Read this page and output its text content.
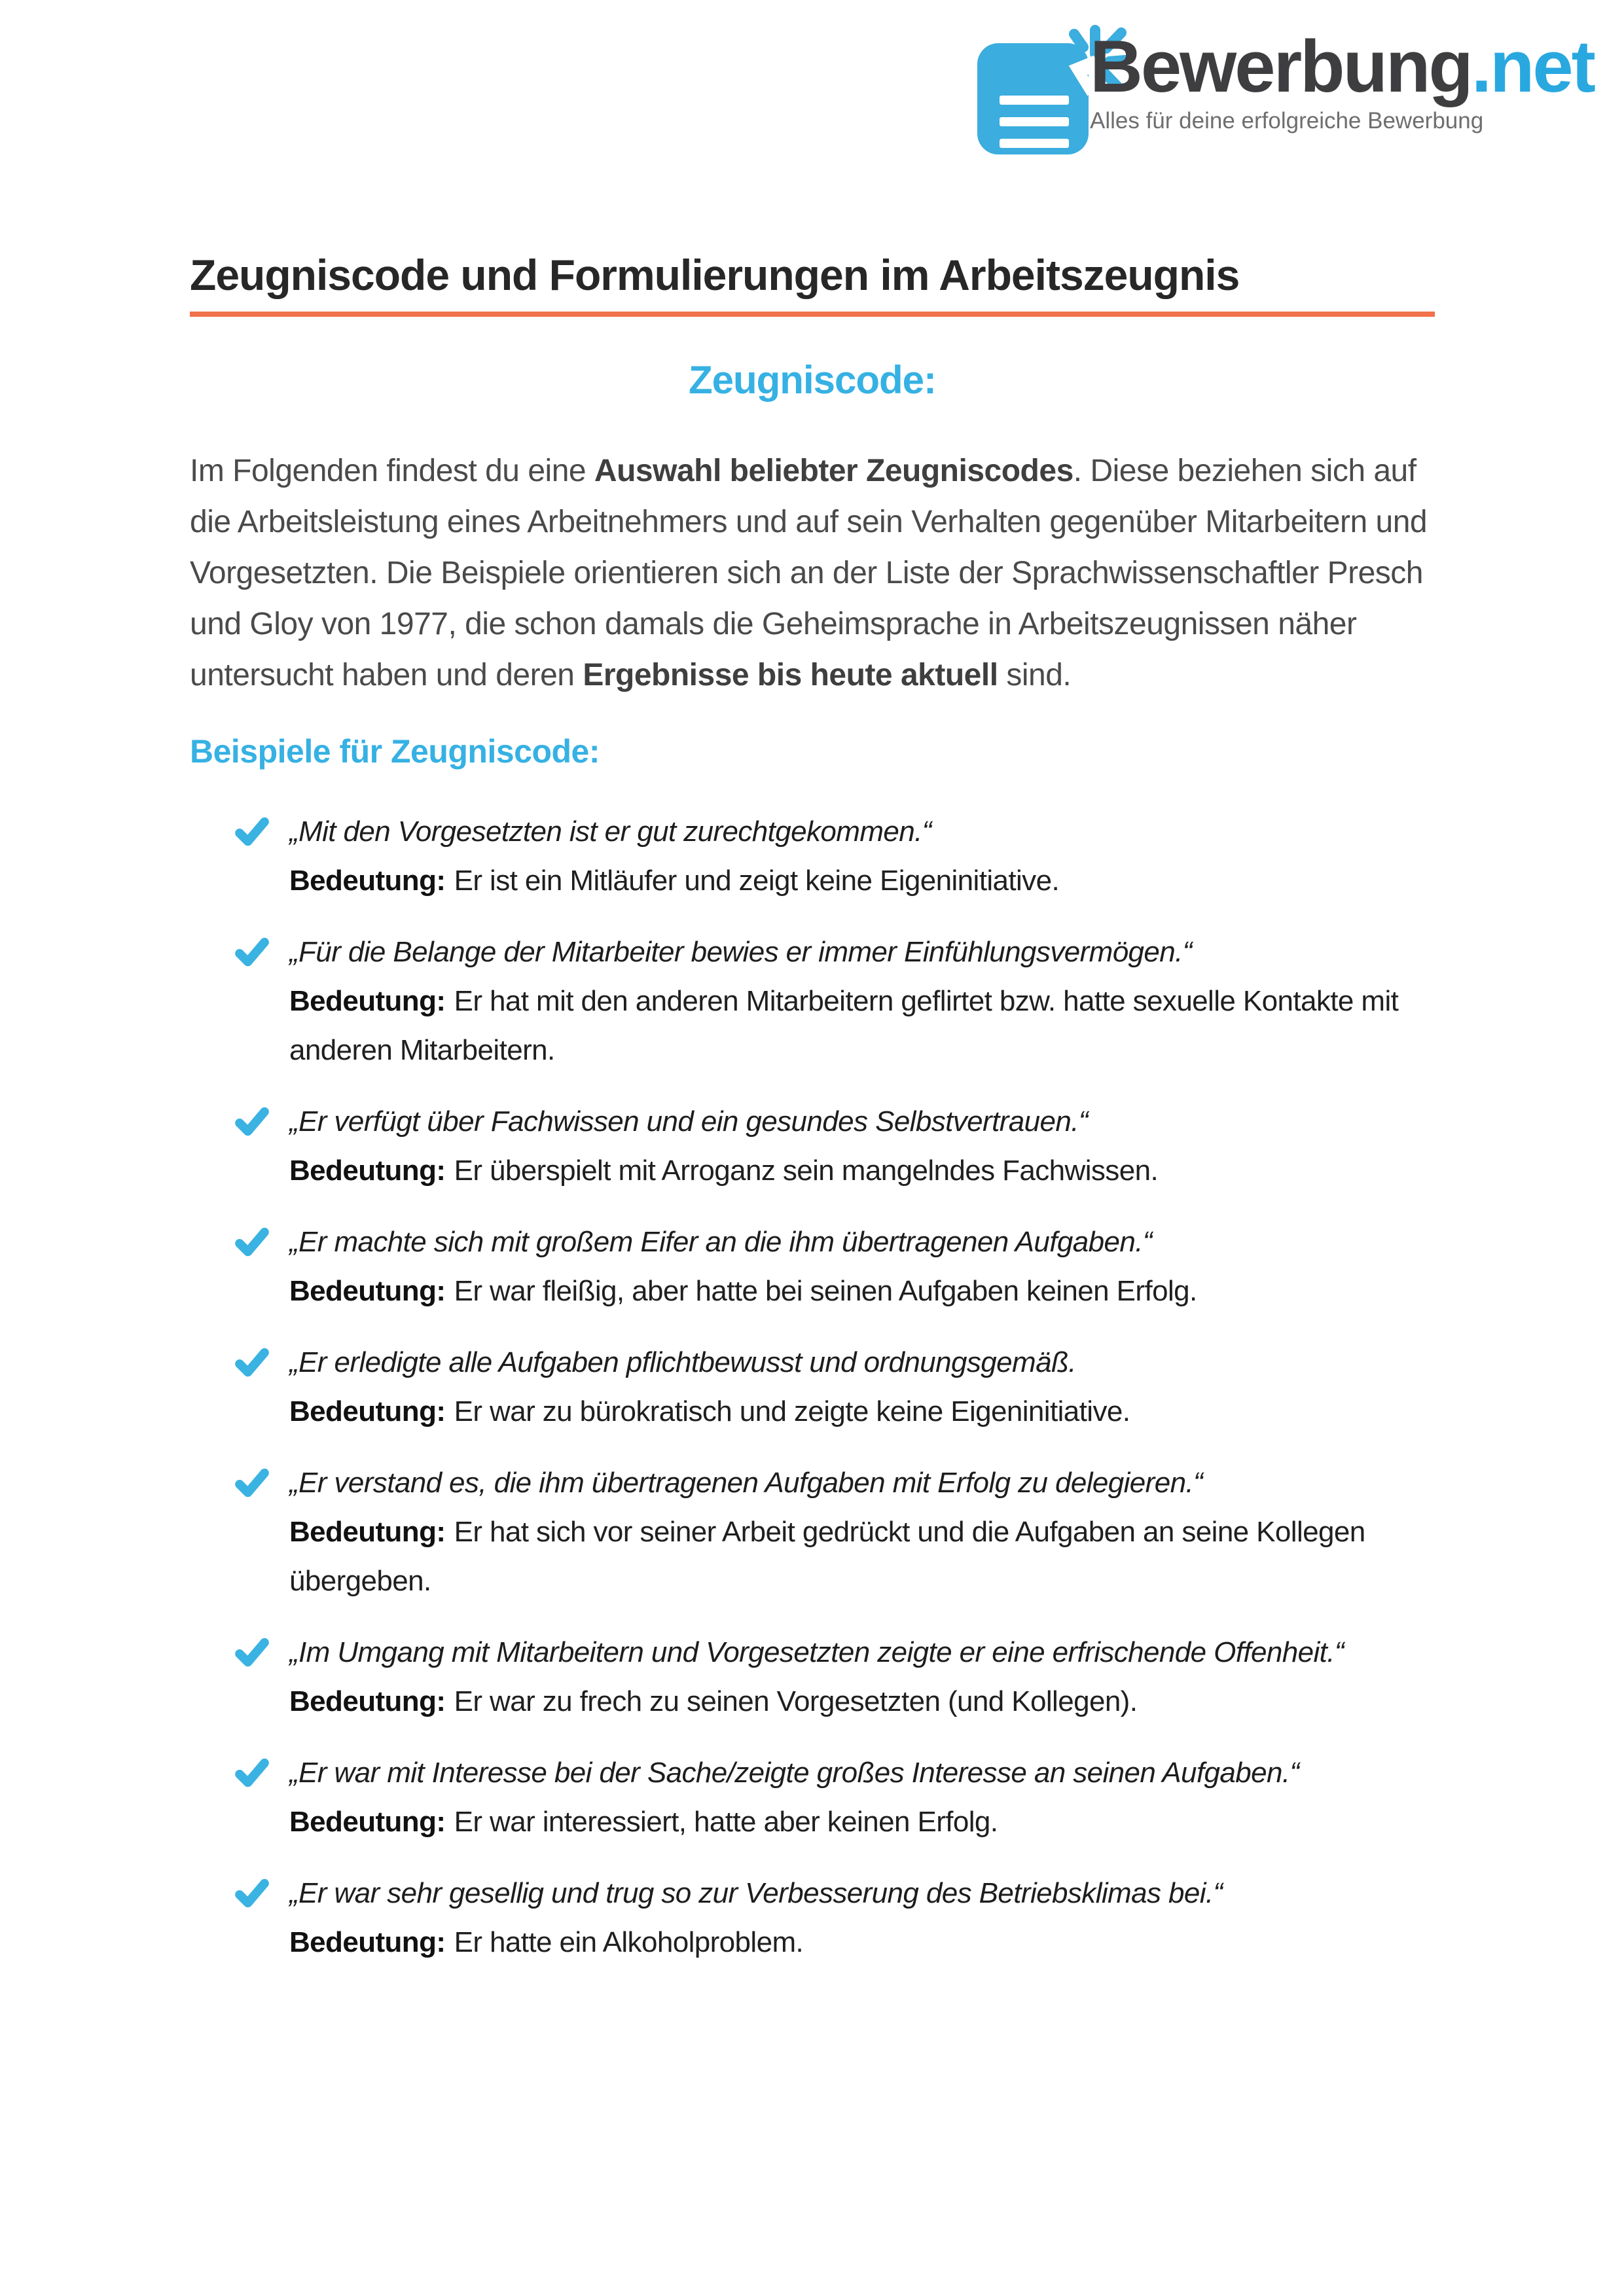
Bewerbung.net
Alles für deine erfolgreiche Bewerbung
Zeugniscode und Formulierungen im Arbeitszeugnis
Zeugniscode:

Im Folgenden findest du eine Auswahl beliebter Zeugniscodes. Diese beziehen sich auf die Arbeitsleistung eines Arbeitnehmers und auf sein Verhalten gegenüber Mitarbeitern und Vorgesetzten. Die Beispiele orientieren sich an der Liste der Sprachwissenschaftler Presch und Gloy von 1977, die schon damals die Geheimsprache in Arbeitszeugnissen näher untersucht haben und deren Ergebnisse bis heute aktuell sind.

Beispiele für Zeugniscode:
„Mit den Vorgesetzten ist er gut zurechtgekommen.“
Bedeutung: Er ist ein Mitläufer und zeigt keine Eigeninitiative.
„Für die Belange der Mitarbeiter bewies er immer Einfühlungsvermögen.“
Bedeutung: Er hat mit den anderen Mitarbeitern geflirtet bzw. hatte sexuelle Kontakte mit anderen Mitarbeitern.
„Er verfügt über Fachwissen und ein gesundes Selbstvertrauen.“
Bedeutung: Er überspielt mit Arroganz sein mangelndes Fachwissen.
„Er machte sich mit großem Eifer an die ihm übertragenen Aufgaben.“
Bedeutung: Er war fleißig, aber hatte bei seinen Aufgaben keinen Erfolg.
„Er erledigte alle Aufgaben pflichtbewusst und ordnungsgemäß.
Bedeutung: Er war zu bürokratisch und zeigte keine Eigeninitiative.
„Er verstand es, die ihm übertragenen Aufgaben mit Erfolg zu delegieren.“
Bedeutung: Er hat sich vor seiner Arbeit gedrückt und die Aufgaben an seine Kollegen übergeben.
„Im Umgang mit Mitarbeitern und Vorgesetzten zeigte er eine erfrischende Offenheit.“
Bedeutung: Er war zu frech zu seinen Vorgesetzten (und Kollegen).
„Er war mit Interesse bei der Sache/zeigte großes Interesse an seinen Aufgaben.“
Bedeutung: Er war interessiert, hatte aber keinen Erfolg.
„Er war sehr gesellig und trug so zur Verbesserung des Betriebsklimas bei.“
Bedeutung: Er hatte ein Alkoholproblem.
